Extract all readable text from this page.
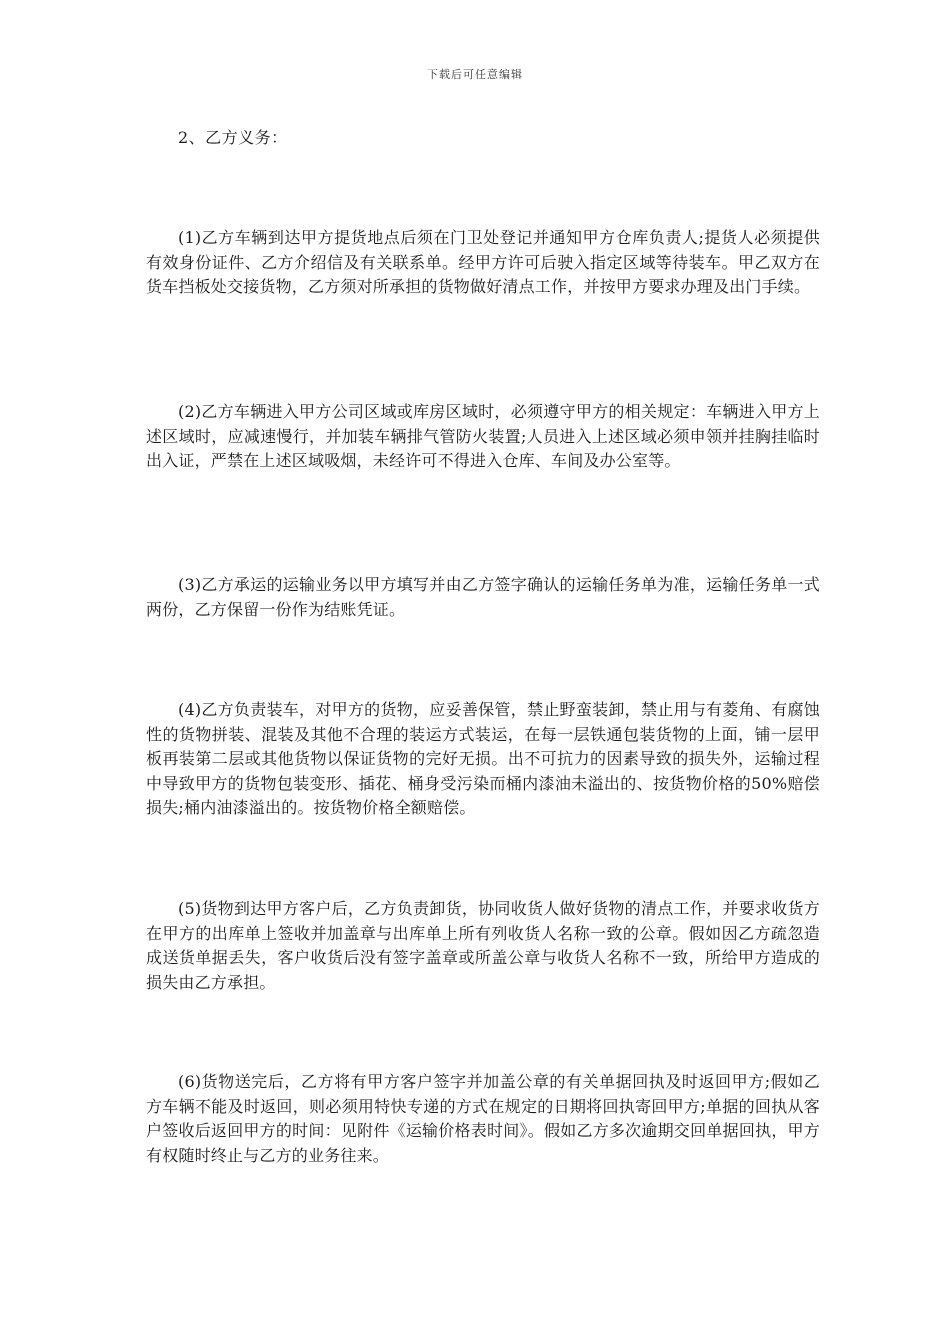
下载后可任意编辑
2、乙方义务：

(1)乙方车辆到达甲方提货地点后须在门卫处登记并通知甲方仓库负责人;提货人必须提供有效身份证件、乙方介绍信及有关联系单。经甲方许可后驶入指定区域等待装车。甲乙双方在货车挡板处交接货物，乙方须对所承担的货物做好清点工作，并按甲方要求办理及出门手续。

(2)乙方车辆进入甲方公司区域或库房区域时，必须遵守甲方的相关规定：车辆进入甲方上述区域时，应减速慢行，并加装车辆排气管防火装置;人员进入上述区域必须申领并挂胸挂临时出入证，严禁在上述区域吸烟，未经许可不得进入仓库、车间及办公室等。

(3)乙方承运的运输业务以甲方填写并由乙方签字确认的运输任务单为准，运输任务单一式两份，乙方保留一份作为结账凭证。

(4)乙方负责装车，对甲方的货物，应妥善保管，禁止野蛮装卸，禁止用与有菱角、有腐蚀性的货物拼装、混装及其他不合理的装运方式装运，在每一层铁通包装货物的上面，铺一层甲板再装第二层或其他货物以保证货物的完好无损。出不可抗力的因素导致的损失外，运输过程中导致甲方的货物包装变形、插花、桶身受污染而桶内漆油未溢出的、按货物价格的50%赔偿损失;桶内油漆溢出的。按货物价格全额赔偿。

(5)货物到达甲方客户后，乙方负责卸货，协同收货人做好货物的清点工作，并要求收货方在甲方的出库单上签收并加盖章与出库单上所有列收货人名称一致的公章。假如因乙方疏忽造成送货单据丢失，客户收货后没有签字盖章或所盖公章与收货人名称不一致，所给甲方造成的损失由乙方承担。

(6)货物送完后，乙方将有甲方客户签字并加盖公章的有关单据回执及时返回甲方;假如乙方车辆不能及时返回，则必须用特快专递的方式在规定的日期将回执寄回甲方;单据的回执从客户签收后返回甲方的时间：见附件《运输价格表时间》。假如乙方多次逾期交回单据回执，甲方有权随时终止与乙方的业务往来。
